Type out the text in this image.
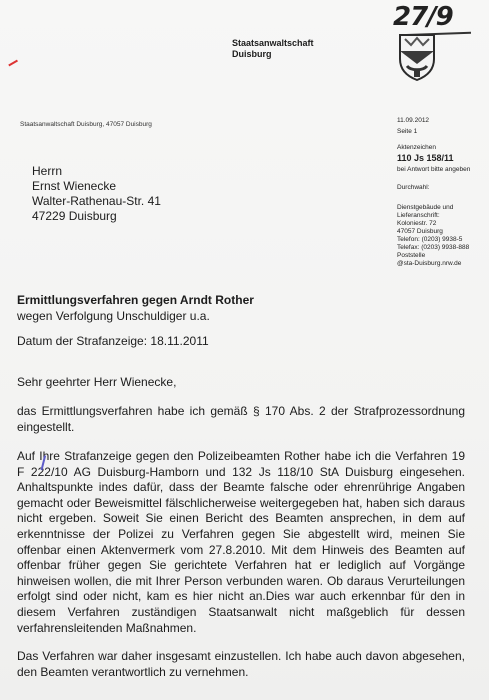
27/9
Staatsanwaltschaft
Duisburg
Staatsanwaltschaft Duisburg, 47057 Duisburg
11.09.2012
Seite 1
Aktenzeichen
110 Js 158/11
bei Antwort bitte angeben
Durchwahl:
Dienstgebäude und
Lieferanschrift:
Koloniestr. 72
47057 Duisburg
Telefon: (0203) 9938-5
Telefax: (0203) 9938-888
Poststelle
@sta-Duisburg.nrw.de
Herrn
Ernst Wienecke
Walter-Rathenau-Str. 41
47229 Duisburg
Ermittlungsverfahren gegen Arndt Rother
wegen Verfolgung Unschuldiger u.a.
Datum der Strafanzeige: 18.11.2011
Sehr geehrter Herr Wienecke,
das Ermittlungsverfahren habe ich gemäß § 170 Abs. 2 der Strafprozessordnung eingestellt.
Auf Ihre Strafanzeige gegen den Polizeibeamten Rother habe ich die Verfahren 19 F 222/10 AG Duisburg-Hamborn und 132 Js 118/10 StA Duisburg eingesehen. Anhaltspunkte indes dafür, dass der Beamte falsche oder ehrenrührige Angaben gemacht oder Beweismittel fälschlicherweise weitergegeben hat, haben sich daraus nicht ergeben. Soweit Sie einen Bericht des Beamten ansprechen, in dem auf erkenntnisse der Polizei zu Verfahren gegen Sie abgestellt wird, meinen Sie offenbar einen Aktenvermerk vom 27.8.2010. Mit dem Hinweis des Beamten auf offenbar früher gegen Sie gerichtete Verfahren hat er lediglich auf Vorgänge hinweisen wollen, die mit Ihrer Person verbunden waren. Ob daraus Verurteilungen erfolgt sind oder nicht, kam es hier nicht an.Dies war auch erkennbar für den in diesem Verfahren zuständigen Staatsanwalt nicht maßgeblich für dessen verfahrensleitenden Maßnahmen.
Das Verfahren war daher insgesamt einzustellen. Ich habe auch davon abgesehen, den Beamten verantwortlich zu vernehmen.
